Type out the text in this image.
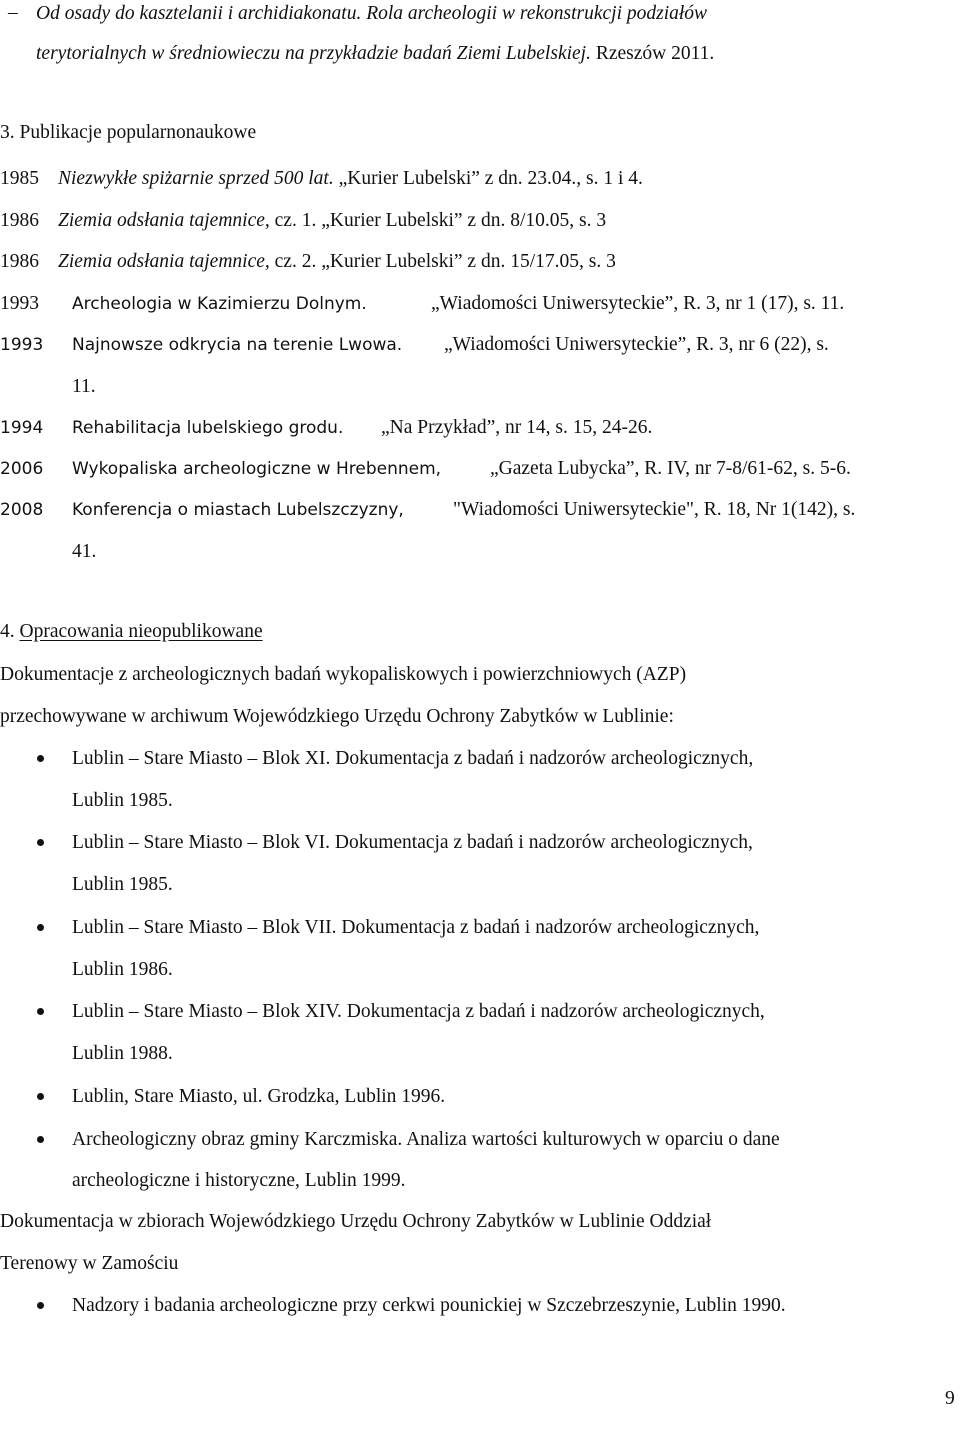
– Od osady do kasztelanii i archidiakonatu. Rola archeologii w rekonstrukcji podziałów
terytorialnych w średniowieczu na przykładzie badań Ziemi Lubelskiej. Rzeszów 2011.
3. Publikacje popularnonaukowe
1985 Niezwykłe spiżarnie sprzed 500 lat. „Kurier Lubelski” z dn. 23.04., s. 1 i 4.
1986 Ziemia odsłania tajemnice, cz. 1. „Kurier Lubelski” z dn. 8/10.05, s. 3
1986 Ziemia odsłania tajemnice, cz. 2. „Kurier Lubelski” z dn. 15/17.05, s. 3
1993 Archeologia w Kazimierzu Dolnym.	„Wiadomości Uniwersyteckie”, R. 3, nr 1 (17), s. 11.
1993 Najnowsze odkrycia na terenie Lwowa. „Wiadomości Uniwersyteckie”, R. 3, nr 6 (22), s.
11.
1994 Rehabilitacja lubelskiego grodu. „Na Przykład”, nr 14, s. 15, 24-26.
2006 Wykopaliska archeologiczne w Hrebennem,	„Gazeta Lubycka”, R. IV, nr 7-8/61-62, s. 5-6.
2008 Konferencja o miastach Lubelszczyzny,	"Wiadomości Uniwersyteckie", R. 18, Nr 1(142), s.
41.
4. Opracowania nieopublikowane
Dokumentacje z archeologicznych badań wykopaliskowych i powierzchniowych (AZP)
przechowywane w archiwum Wojewódzkiego Urzędu Ochrony Zabytków w Lublinie:
Lublin – Stare Miasto – Blok XI. Dokumentacja z badań i nadzorów archeologicznych,
Lublin 1985.
Lublin – Stare Miasto – Blok VI. Dokumentacja z badań i nadzorów archeologicznych,
Lublin 1985.
Lublin – Stare Miasto – Blok VII. Dokumentacja z badań i nadzorów archeologicznych,
Lublin 1986.
Lublin – Stare Miasto – Blok XIV. Dokumentacja z badań i nadzorów archeologicznych,
Lublin 1988.
Lublin, Stare Miasto, ul. Grodzka, Lublin 1996.
Archeologiczny obraz gminy Karczmiska. Analiza wartości kulturowych w oparciu o dane
archeologiczne i historyczne, Lublin 1999.
Dokumentacja w zbiorach Wojewódzkiego Urzędu Ochrony Zabytków w Lublinie Oddział
Terenowy w Zamościu
Nadzory i badania archeologiczne przy cerkwi pounickiej w Szczebrzeszynie, Lublin 1990.
9
